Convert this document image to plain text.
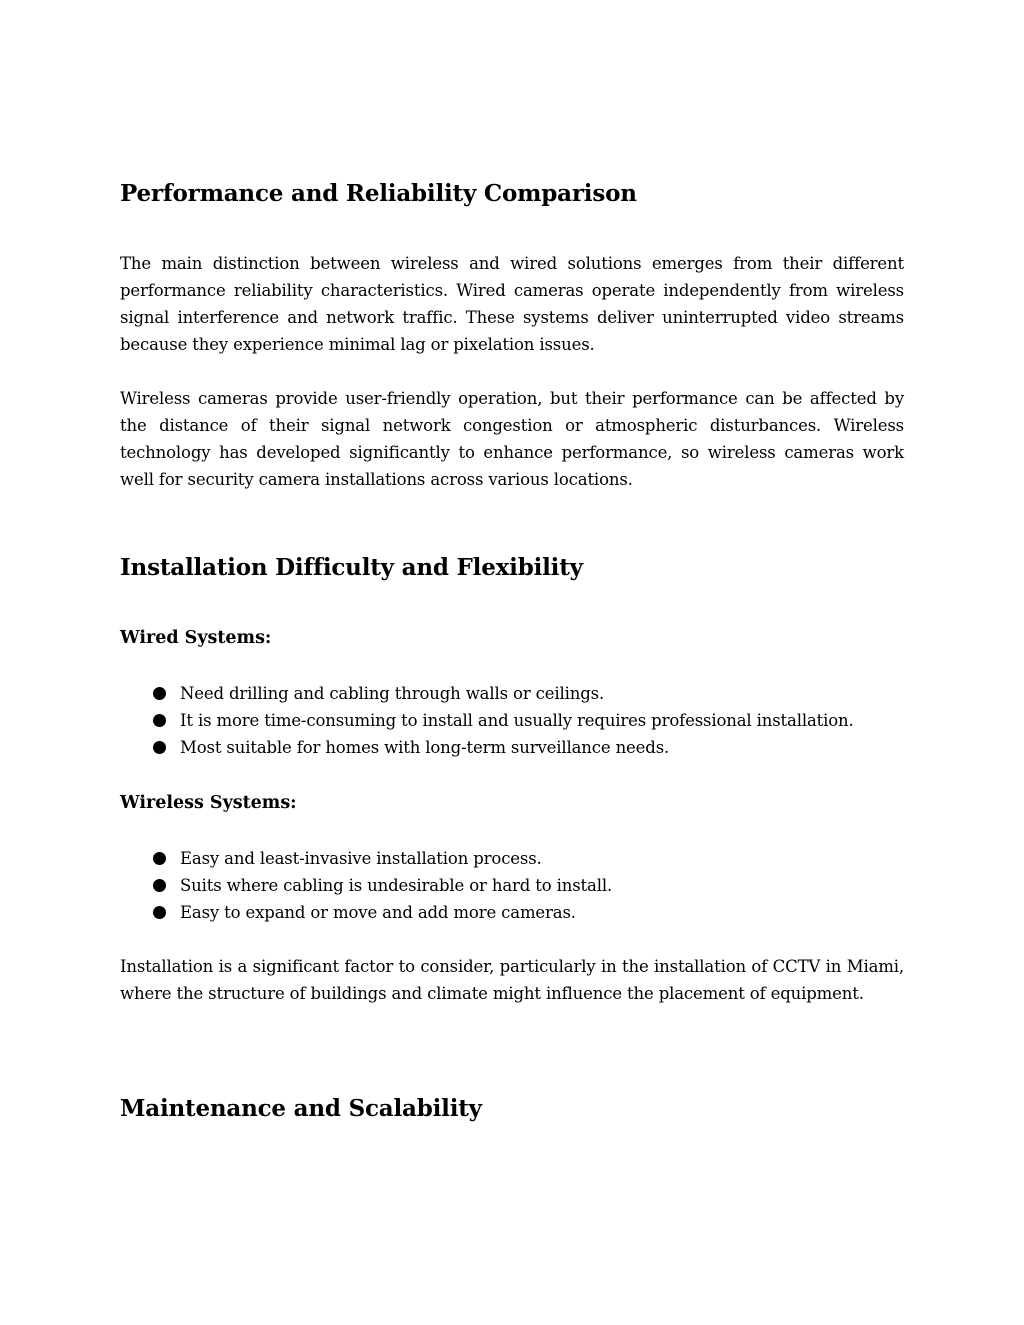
Performance and Reliability Comparison

The main distinction between wireless and wired solutions emerges from their different performance reliability characteristics. Wired cameras operate independently from wireless signal interference and network traffic. These systems deliver uninterrupted video streams because they experience minimal lag or pixelation issues.

Wireless cameras provide user-friendly operation, but their performance can be affected by the distance of their signal network congestion or atmospheric disturbances. Wireless technology has developed significantly to enhance performance, so wireless cameras work well for security camera installations across various locations.

Installation Difficulty and Flexibility
Wired Systems:
Need drilling and cabling through walls or ceilings.
It is more time-consuming to install and usually requires professional installation.
Most suitable for homes with long-term surveillance needs.
Wireless Systems:
Easy and least-invasive installation process.
Suits where cabling is undesirable or hard to install.
Easy to expand or move and add more cameras.

Installation is a significant factor to consider, particularly in the installation of CCTV in Miami, where the structure of buildings and climate might influence the placement of equipment.

Maintenance and Scalability
